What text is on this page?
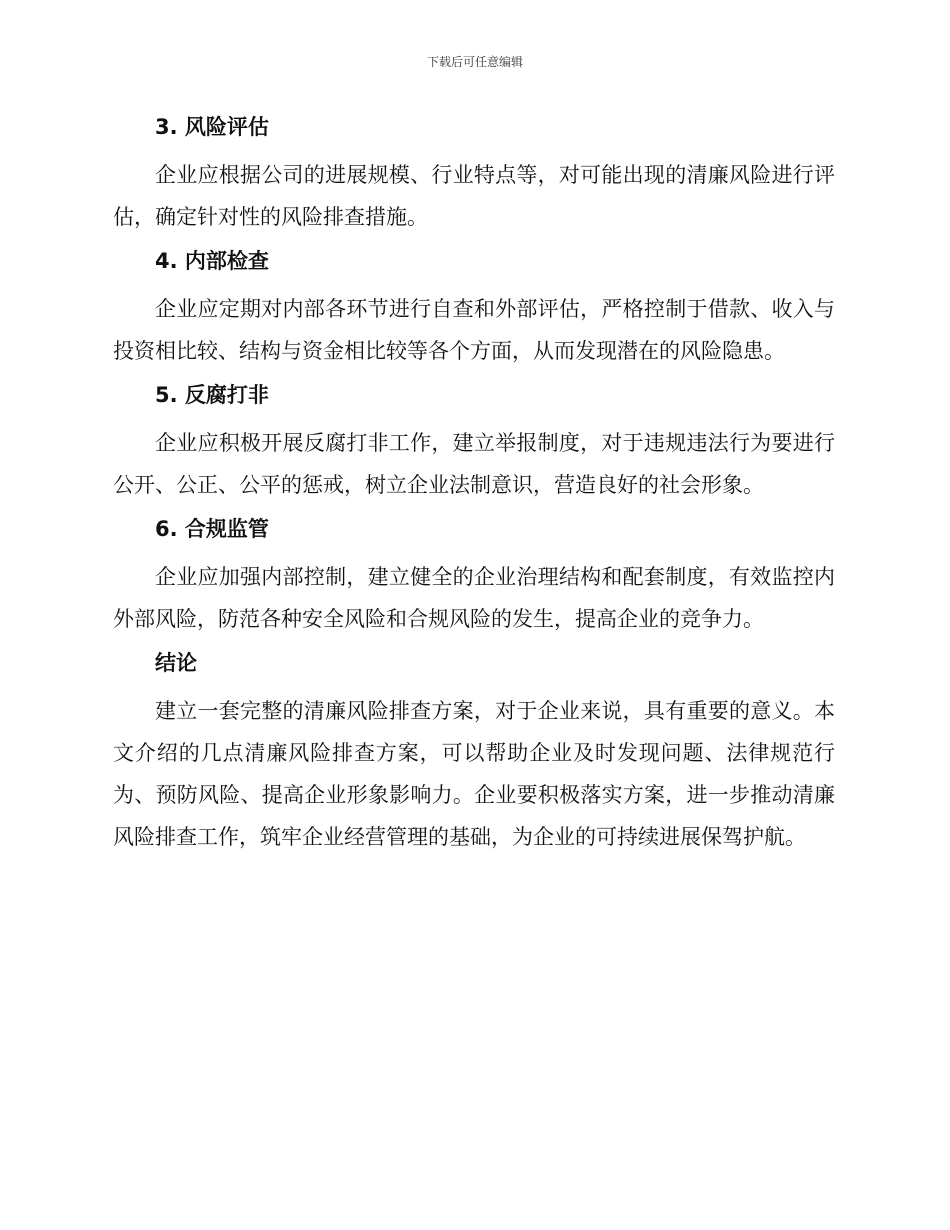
下载后可任意编辑
3. 风险评估

企业应根据公司的进展规模、行业特点等，对可能出现的清廉风险进行评估，确定针对性的风险排查措施。

4. 内部检查

企业应定期对内部各环节进行自查和外部评估，严格控制于借款、收入与投资相比较、结构与资金相比较等各个方面，从而发现潜在的风险隐患。

5. 反腐打非

企业应积极开展反腐打非工作，建立举报制度，对于违规违法行为要进行公开、公正、公平的惩戒，树立企业法制意识，营造良好的社会形象。

6. 合规监管

企业应加强内部控制，建立健全的企业治理结构和配套制度，有效监控内外部风险，防范各种安全风险和合规风险的发生，提高企业的竞争力。

结论

建立一套完整的清廉风险排查方案，对于企业来说，具有重要的意义。本文介绍的几点清廉风险排查方案，可以帮助企业及时发现问题、法律规范行为、预防风险、提高企业形象影响力。企业要积极落实方案，进一步推动清廉风险排查工作，筑牢企业经营管理的基础，为企业的可持续进展保驾护航。
